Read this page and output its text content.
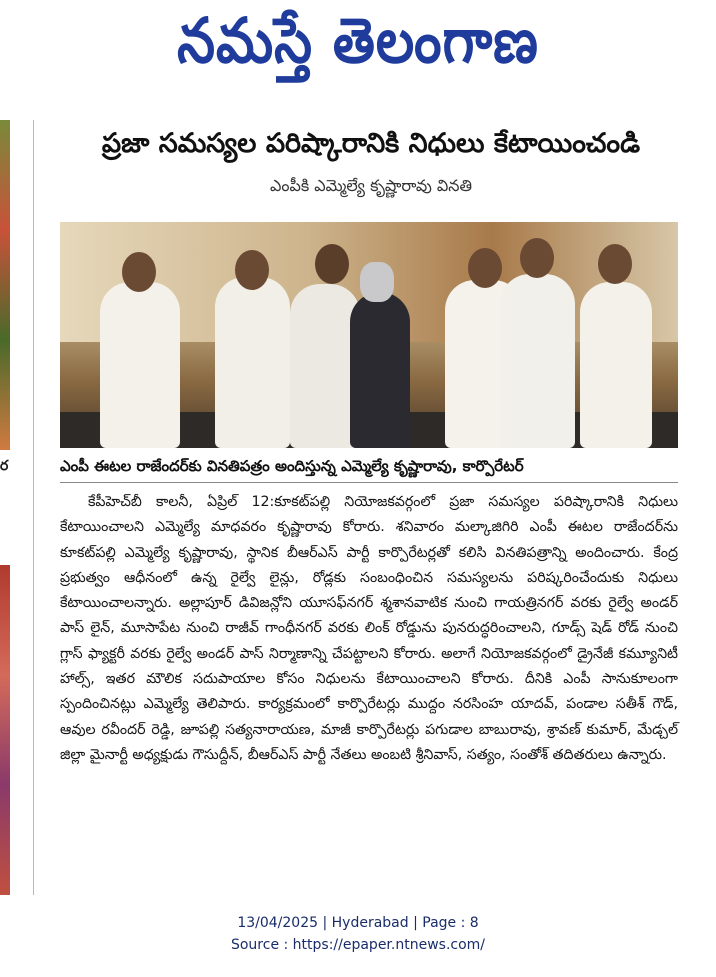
నమస్తే తెలంగాణ
ర
ప్రజా సమస్యల పరిష్కారానికి నిధులు కేటాయించండి
ఎంపీకి ఎమ్మెల్యే కృష్ణారావు వినతి
ఎంపీ ఈటల రాజేందర్‌కు వినతిపత్రం అందిస్తున్న ఎమ్మెల్యే కృష్ణారావు, కార్పొరేటర్
కేపీహెచ్‌బీ కాలనీ, ఏప్రిల్ 12:కూకట్‌పల్లి నియోజకవర్గంలో ప్రజా సమస్యల పరిష్కారానికి నిధులు కేటాయించాలని ఎమ్మెల్యే మాధవరం కృష్ణారావు కోరారు. శనివారం మల్కాజిగిరి ఎంపీ ఈటల రాజేందర్‌ను కూకట్‌పల్లి ఎమ్మెల్యే కృష్ణారావు, స్థానిక బీఆర్‌ఎస్ పార్టీ కార్పొరేటర్లతో కలిసి వినతిపత్రాన్ని అందించారు. కేంద్ర ప్రభుత్వం ఆధీనంలో ఉన్న రైల్వే లైన్లు, రోడ్లకు సంబంధించిన సమస్యలను పరిష్కరించేందుకు నిధులు కేటాయించాలన్నారు. అల్లాపూర్ డివిజన్లోని యూసఫ్‌నగర్ శ్మశానవాటిక నుంచి గాయత్రినగర్ వరకు రైల్వే అండర్ పాస్ లైన్, మూసాపేట నుంచి రాజీవ్ గాంధీనగర్ వరకు లింక్ రోడ్డును పునరుద్ధరించాలని, గూడ్స్ షెడ్ రోడ్ నుంచి గ్లాస్ ఫ్యాక్టరీ వరకు రైల్వే అండర్ పాస్ నిర్మాణాన్ని చేపట్టాలని కోరారు. అలాగే నియోజకవర్గంలో డ్రైనేజీ కమ్యూనిటీ హాల్స్, ఇతర మౌలిక సదుపాయాల కోసం నిధులను కేటాయించాలని కోరారు. దీనికి ఎంపీ సానుకూలంగా స్పందించినట్లు ఎమ్మెల్యే తెలిపారు. కార్యక్రమంలో కార్పొరేటర్లు ముద్దం నరసింహ యాదవ్, పండాల సతీశ్ గౌడ్, ఆవుల రవీందర్ రెడ్డి, జూపల్లి సత్యనారాయణ, మాజీ కార్పొరేటర్లు పగుడాల బాబురావు, శ్రావణ్ కుమార్, మేడ్చల్ జిల్లా మైనార్టీ అధ్యక్షుడు గౌసుద్దీన్, బీఆర్‌ఎస్ పార్టీ నేతలు అంబటి శ్రీనివాస్, సత్యం, సంతోశ్ తదితరులు ఉన్నారు.
13/04/2025 | Hyderabad | Page : 8
Source : https://epaper.ntnews.com/
